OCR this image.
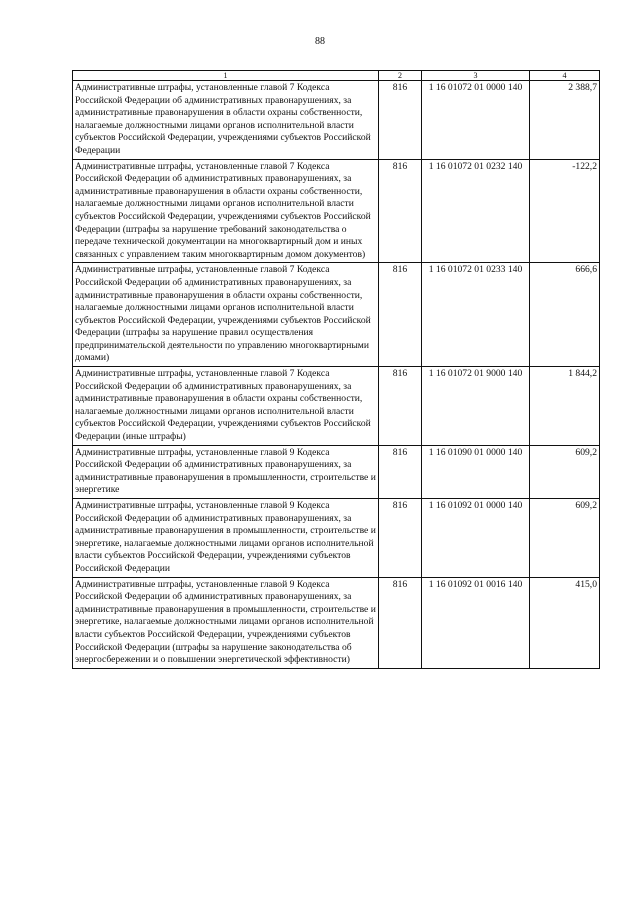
88
1	2	3	4
Административные штрафы, установленные главой 7 Кодекса Российской Федерации об административных правонарушениях, за административные правонарушения в области охраны собственности, налагаемые должностными лицами органов исполнительной власти субъектов Российской Федерации, учреждениями субъектов Российской Федерации	816	1 16 01072 01 0000 140	2 388,7
Административные штрафы, установленные главой 7 Кодекса Российской Федерации об административных правонарушениях, за административные правонарушения в области охраны собственности, налагаемые должностными лицами органов исполнительной власти субъектов Российской Федерации, учреждениями субъектов Российской Федерации (штрафы за нарушение требований законодательства о передаче технической документации на многоквартирный дом и иных связанных с управлением таким многоквартирным домом документов)	816	1 16 01072 01 0232 140	-122,2
Административные штрафы, установленные главой 7 Кодекса Российской Федерации об административных правонарушениях, за административные правонарушения в области охраны собственности, налагаемые должностными лицами органов исполнительной власти субъектов Российской Федерации, учреждениями субъектов Российской Федерации (штрафы за нарушение правил осуществления предпринимательской деятельности по управлению многоквартирными домами)	816	1 16 01072 01 0233 140	666,6
Административные штрафы, установленные главой 7 Кодекса Российской Федерации об административных правонарушениях, за административные правонарушения в области охраны собственности, налагаемые должностными лицами органов исполнительной власти субъектов Российской Федерации, учреждениями субъектов Российской Федерации (иные штрафы)	816	1 16 01072 01 9000 140	1 844,2
Административные штрафы, установленные главой 9 Кодекса Российской Федерации об административных правонарушениях, за административные правонарушения в промышленности, строительстве и энергетике	816	1 16 01090 01 0000 140	609,2
Административные штрафы, установленные главой 9 Кодекса Российской Федерации об административных правонарушениях, за административные правонарушения в промышленности, строительстве и энергетике, налагаемые должностными лицами органов исполнительной власти субъектов Российской Федерации, учреждениями субъектов Российской Федерации	816	1 16 01092 01 0000 140	609,2
Административные штрафы, установленные главой 9 Кодекса Российской Федерации об административных правонарушениях, за административные правонарушения в промышленности, строительстве и энергетике, налагаемые должностными лицами органов исполнительной власти субъектов Российской Федерации, учреждениями субъектов Российской Федерации (штрафы за нарушение законодательства об энергосбережении и о повышении энергетической эффективности)	816	1 16 01092 01 0016 140	415,0
